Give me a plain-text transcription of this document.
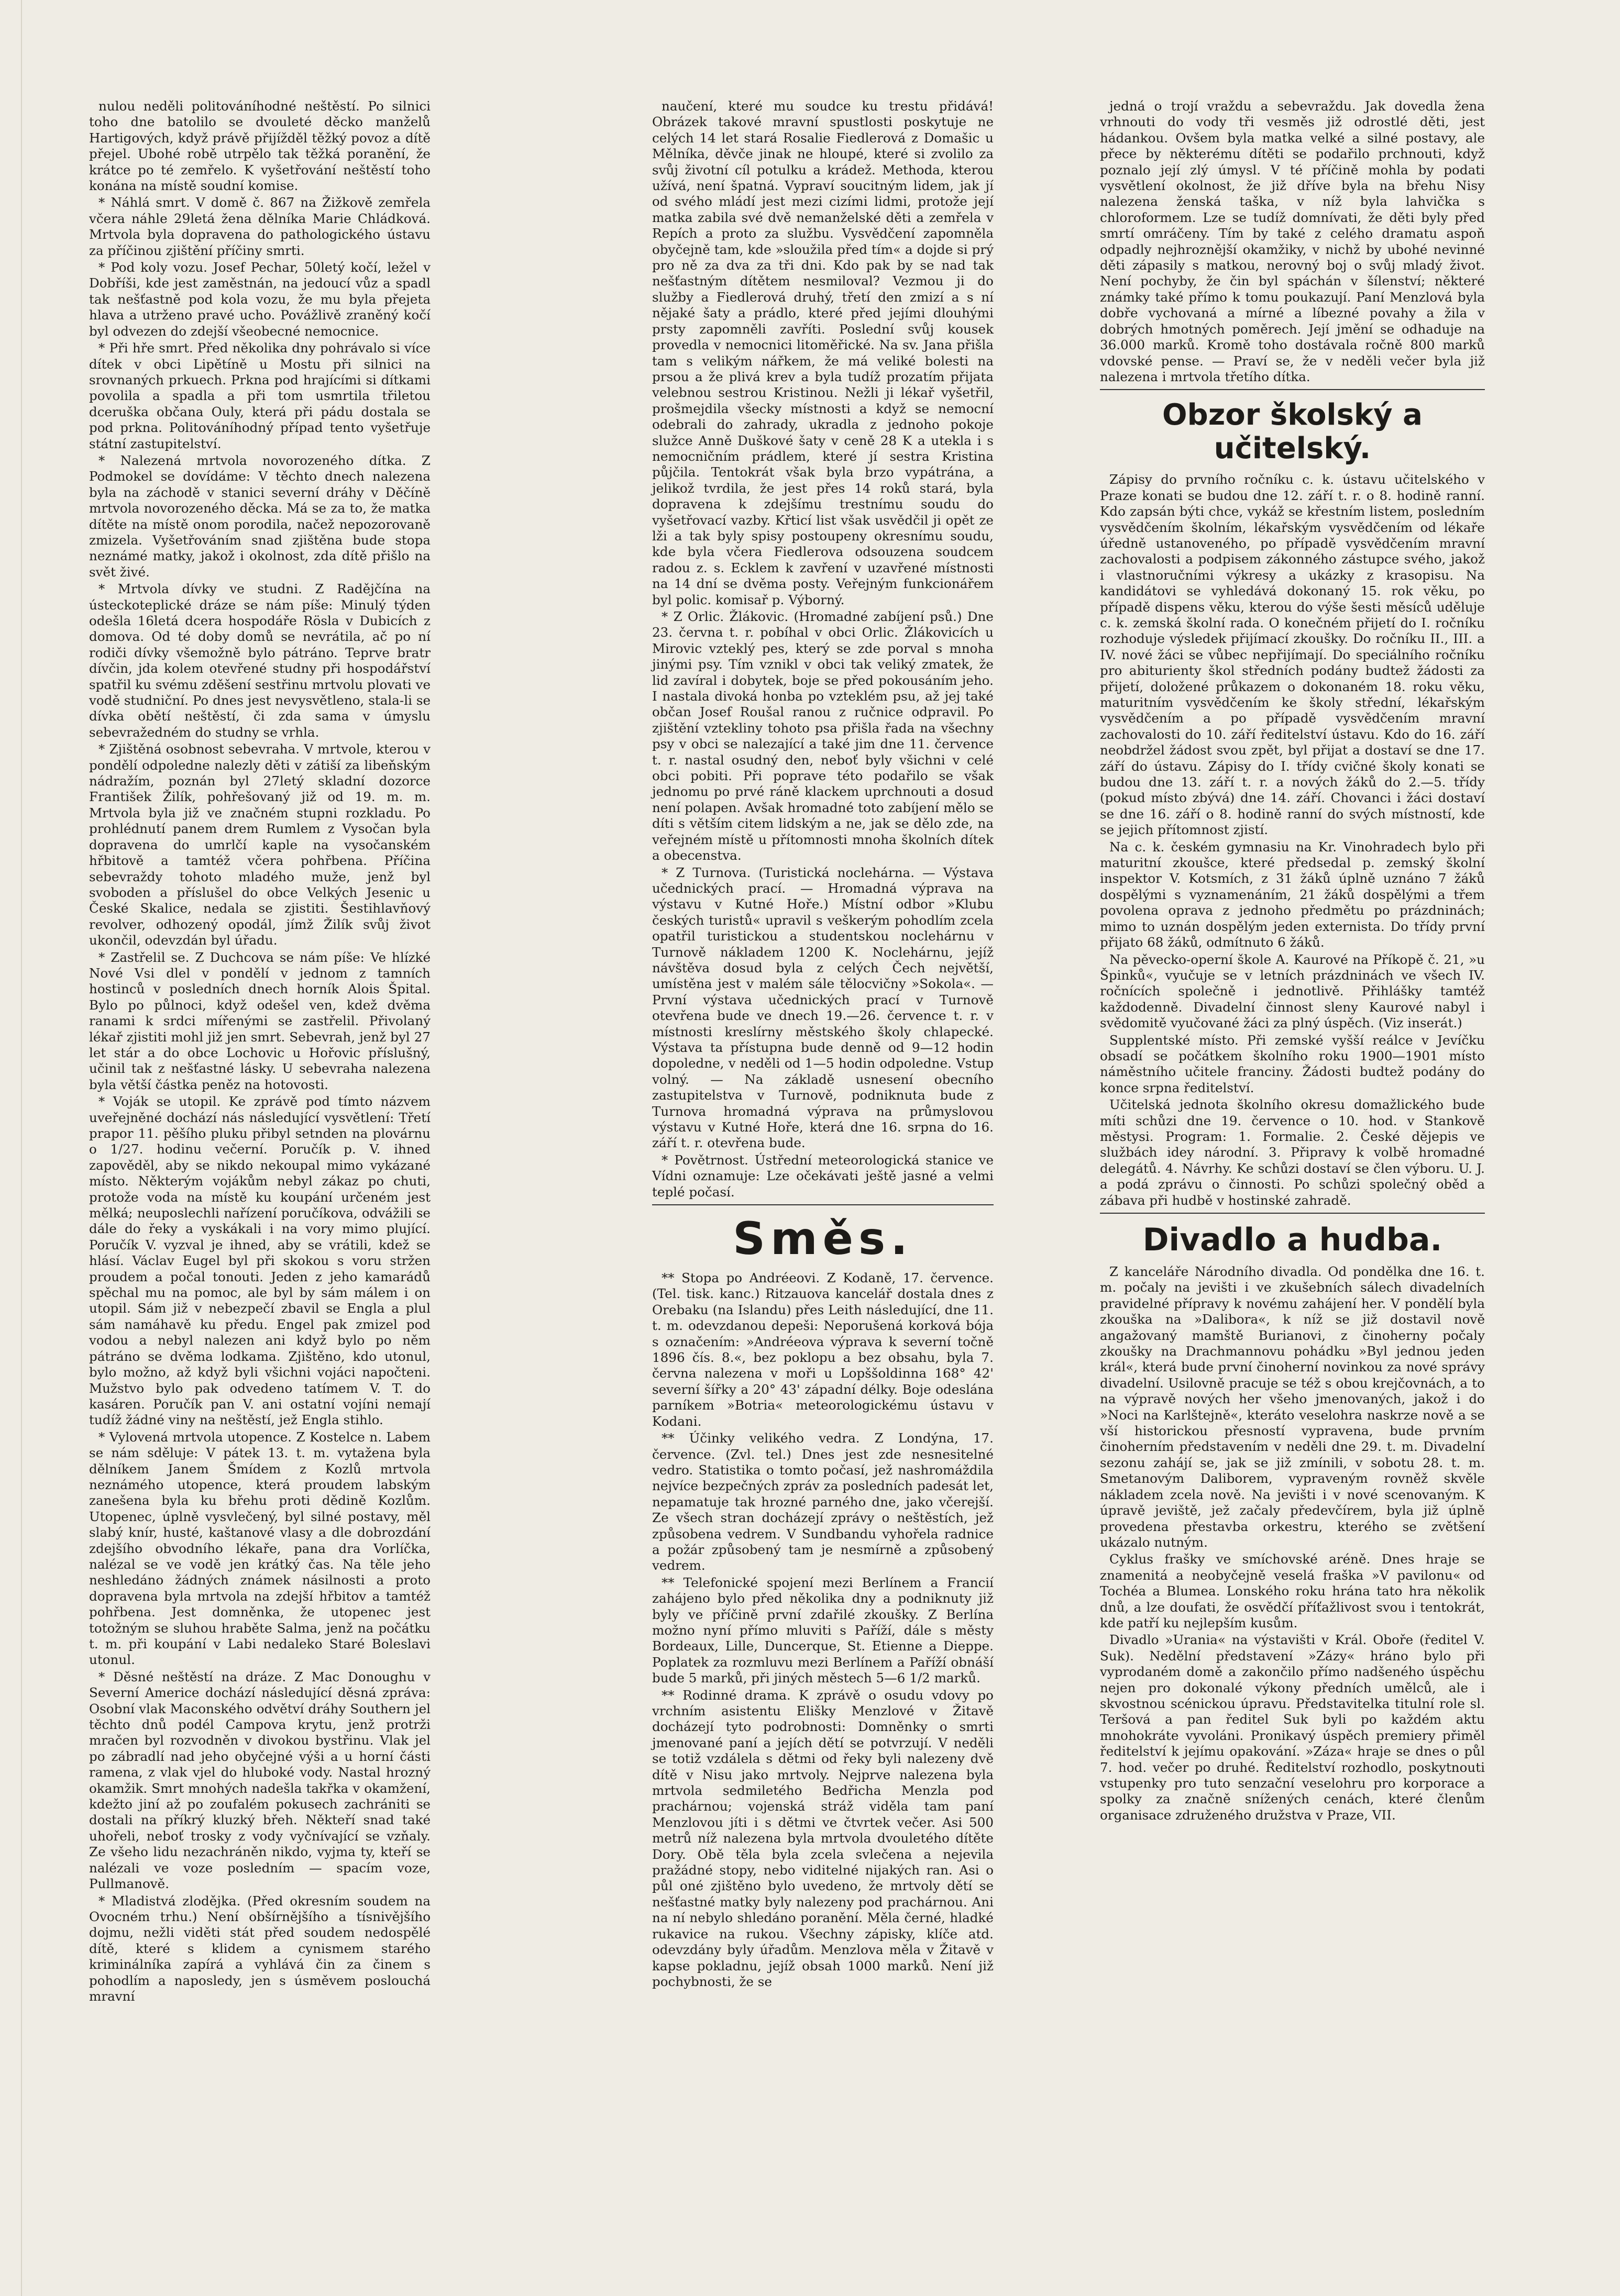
nulou neděli politováníhodné neštěstí. Po silnici toho dne batolilo se dvouleté děcko manželů Hartigových, když právě přijížděl těžký povoz a dítě přejel. Ubohé robě utrpělo tak těžká poranění, že krátce po té zemřelo. K vyšetřování neštěstí toho konána na místě soudní komise.

* Náhlá smrt. V domě č. 867 na Žižkově zemřela včera náhle 29letá žena dělníka Marie Chládková. Mrtvola byla dopravena do pathologického ústavu za příčinou zjištění příčiny smrti.

* Pod koly vozu. Josef Pechar, 50letý kočí, ležel v Dobříši, kde jest zaměstnán, na jedoucí vůz a spadl tak nešťastně pod kola vozu, že mu byla přejeta hlava a utrženo pravé ucho. Povážlivě zraněný kočí byl odvezen do zdejší všeobecné nemocnice.

* Při hře smrt. Před několika dny pohrávalo si více dítek v obci Lipětíně u Mostu při silnici na srovnaných prkuech. Prkna pod hrajícími si dítkami povolila a spadla a při tom usmrtila třiletou dceruška občana Ouly, která při pádu dostala se pod prkna. Politováníhodný případ tento vyšetřuje státní zastupitelství.

* Nalezená mrtvola novorozeného dítka. Z Podmokel se dovídáme: V těchto dnech nalezena byla na záchodě v stanici severní dráhy v Děčíně mrtvola novorozeného děcka. Má se za to, že matka dítěte na místě onom porodila, načež nepozorovaně zmizela. Vyšetřováním snad zjištěna bude stopa neznámé matky, jakož i okolnost, zda dítě přišlo na svět živé.

* Mrtvola dívky ve studni. Z Radějčína na ústeckoteplické dráze se nám píše: Minulý týden odešla 16letá dcera hospodáře Rösla v Dubicích z domova. Od té doby domů se nevrátila, ač po ní rodiči dívky všemožně bylo pátráno. Teprve bratr dívčin, jda kolem otevřené studny při hospodářství spatřil ku svému zděšení sestřinu mrtvolu plovati ve vodě studniční. Po dnes jest nevysvětleno, stala-li se dívka obětí neštěstí, či zda sama v úmyslu sebevražedném do studny se vrhla.

* Zjištěná osobnost sebevraha. V mrtvole, kterou v pondělí odpoledne nalezly děti v zátiší za libeňským nádražím, poznán byl 27letý skladní dozorce František Žilík, pohřešovaný již od 19. m. m. Mrtvola byla již ve značném stupni rozkladu. Po prohlédnutí panem drem Rumlem z Vysočan byla dopravena do umrlčí kaple na vysočanském hřbitově a tamtéž včera pohřbena. Příčina sebevraždy tohoto mladého muže, jenž byl svoboden a příslušel do obce Velkých Jesenic u České Skalice, nedala se zjistiti. Šestihlavňový revolver, odhozený opodál, jímž Žilík svůj život ukončil, odevzdán byl úřadu.

* Zastřelil se. Z Duchcova se nám píše: Ve hlízké Nové Vsi dlel v pondělí v jednom z tamních hostinců v posledních dnech horník Alois Špital. Bylo po půlnoci, když odešel ven, kdež dvěma ranami k srdci mířenými se zastřelil. Přivolaný lékař zjistiti mohl již jen smrt. Sebevrah, jenž byl 27 let stár a do obce Lochovic u Hořovic příslušný, učinil tak z nešťastné lásky. U sebevraha nalezena byla větší částka peněz na hotovosti.

* Voják se utopil. Ke zprávě pod tímto názvem uveřejněné dochází nás následující vysvětlení: Třetí prapor 11. pěšího pluku přibyl setnden na plovárnu o 1/27. hodinu večerní. Poručík p. V. ihned zapověděl, aby se nikdo nekoupal mimo vykázané místo. Některým vojákům nebyl zákaz po chuti, protože voda na místě ku koupání určeném jest mělká; neuposlechli nařízení poručíkova, odvážili se dále do řeky a vyskákali i na vory mimo plující. Poručík V. vyzval je ihned, aby se vrátili, kdež se hlásí. Václav Eugel byl při skokou s voru stržen proudem a počal tonouti. Jeden z jeho kamarádů spěchal mu na pomoc, ale byl by sám málem i on utopil. Sám již v nebezpečí zbavil se Engla a plul sám namáhavě ku předu. Engel pak zmizel pod vodou a nebyl nalezen ani když bylo po něm pátráno se dvěma lodkama. Zjištěno, kdo utonul, bylo možno, až když byli všichni vojáci napočteni. Mužstvo bylo pak odvedeno tatímem V. T. do kasáren. Poručík pan V. ani ostatní vojíni nemají tudíž žádné viny na neštěstí, jež Engla stihlo.

* Vylovená mrtvola utopence. Z Kostelce n. Labem se nám sděluje: V pátek 13. t. m. vytažena byla dělníkem Janem Šmídem z Kozlů mrtvola neznámého utopence, která proudem labským zanešena byla ku břehu proti dědině Kozlům. Utopenec, úplně vysvlečený, byl silné postavy, měl slabý knír, husté, kaštanové vlasy a dle dobrozdání zdejšího obvodního lékaře, pana dra Vorlíčka, nalézal se ve vodě jen krátký čas. Na těle jeho neshledáno žádných známek násilnosti a proto dopravena byla mrtvola na zdejší hřbitov a tamtéž pohřbena. Jest domněnka, že utopenec jest totožným se sluhou hraběte Salma, jenž na počátku t. m. při koupání v Labi nedaleko Staré Boleslavi utonul.

* Děsné neštěstí na dráze. Z Mac Donoughu v Severní Americe dochází následující děsná zpráva: Osobní vlak Maconského odvětví dráhy Southern jel těchto dnů podél Campova krytu, jenž protrži mračen byl rozvodněn v divokou bystřinu. Vlak jel po zábradlí nad jeho obyčejné výši a u horní části ramena, z vlak vjel do hluboké vody. Nastal hrozný okamžik. Smrt mnohých nadešla takřka v okamžení, kdežto jiní až po zoufalém pokusech zachrániti se dostali na příkrý kluzký břeh. Někteří snad také uhořeli, neboť trosky z vody vyčnívající se vzňaly. Ze všeho lidu nezachráněn nikdo, vyjma ty, kteří se nalézali ve voze posledním — spacím voze, Pullmanově.

* Mladistvá zlodějka. (Před okresním soudem na Ovocném trhu.) Není obšírnějšího a tísnivějšího dojmu, nežli viděti stát před soudem nedospělé dítě, které s klidem a cynismem starého kriminálníka zapírá a vyhlává čin za činem s pohodlím a naposledy, jen s úsměvem poslouchá mravní

naučení, které mu soudce ku trestu přidává! Obrázek takové mravní spustlosti poskytuje ne celých 14 let stará Rosalie Fiedlerová z Domašic u Mělníka, děvče jinak ne hloupé, které si zvolilo za svůj životní cíl potulku a krádež. Methoda, kterou užívá, není špatná. Vypraví soucitným lidem, jak jí od svého mládí jest mezi cizími lidmi, protože její matka zabila své dvě nemanželské děti a zemřela v Repích a proto za službu. Vysvědčení zapomněla obyčejně tam, kde »sloužila před tím« a dojde si prý pro ně za dva za tři dni. Kdo pak by se nad tak nešťastným dítětem nesmiloval? Vezmou ji do služby a Fiedlerová druhý, třetí den zmizí a s ní nějaké šaty a prádlo, které před jejími dlouhými prsty zapomněli zavříti. Poslední svůj kousek provedla v nemocnici litoměřické. Na sv. Jana přišla tam s velikým nářkem, že má veliké bolesti na prsou a že plivá krev a byla tudíž prozatím přijata velebnou sestrou Kristinou. Nežli ji lékař vyšetřil, prošmejdila všecky místnosti a když se nemocní odebrali do zahrady, ukradla z jednoho pokoje služce Anně Duškové šaty v ceně 28 K a utekla i s nemocničním prádlem, které jí sestra Kristina půjčila. Tentokrát však byla brzo vypátrána, a jelikož tvrdila, že jest přes 14 roků stará, byla dopravena k zdejšímu trestnímu soudu do vyšetřovací vazby. Křticí list však usvědčil ji opět ze lži a tak byly spisy postoupeny okresnímu soudu, kde byla včera Fiedlerova odsouzena soudcem radou z. s. Ecklem k zavření v uzavřené místnosti na 14 dní se dvěma posty. Veřejným funkcionářem byl polic. komisař p. Výborný.

* Z Orlic. Žlákovic. (Hromadné zabíjení psů.) Dne 23. června t. r. pobíhal v obci Orlic. Žlákovicích u Mirovic vzteklý pes, který se zde porval s mnoha jinými psy. Tím vznikl v obci tak veliký zmatek, že lid zavíral i dobytek, boje se před pokousáním jeho. I nastala divoká honba po vzteklém psu, až jej také občan Josef Roušal ranou z ručnice odpravil. Po zjištění vztekliny tohoto psa přišla řada na všechny psy v obci se nalezající a také jim dne 11. července t. r. nastal osudný den, neboť byly všichni v celé obci pobiti. Při poprave této podařilo se však jednomu po prvé ráně klackem uprchnouti a dosud není polapen. Avšak hromadné toto zabíjení mělo se díti s větším citem lidským a ne, jak se dělo zde, na veřejném místě u přítomnosti mnoha školních dítek a obecenstva.

* Z Turnova. (Turistická noclehárna. — Výstava učednických prací. — Hromadná výprava na výstavu v Kutné Hoře.) Místní odbor »Klubu českých turistů« upravil s veškerým pohodlím zcela opatřil turistickou a studentskou noclehárnu v Turnově nákladem 1200 K. Noclehárnu, jejíž návštěva dosud byla z celých Čech největší, umístěna jest v malém sále tělocvičny »Sokola«. — První výstava učednických prací v Turnově otevřena bude ve dnech 19.—26. července t. r. v místnosti kreslírny městského školy chlapecké. Výstava ta přístupna bude denně od 9—12 hodin dopoledne, v neděli od 1—5 hodin odpoledne. Vstup volný. — Na základě usnesení obecního zastupitelstva v Turnově, podniknuta bude z Turnova hromadná výprava na průmyslovou výstavu v Kutné Hoře, která dne 16. srpna do 16. září t. r. otevřena bude.

* Povětrnost. Ústřední meteorologická stanice ve Vídni oznamuje: Lze očekávati ještě jasné a velmi teplé počasí.

Směs.

** Stopa po Andréeovi. Z Kodaně, 17. července. (Tel. tisk. kanc.) Ritzauova kancelář dostala dnes z Orebaku (na Islandu) přes Leith následující, dne 11. t. m. odevzdanou depeši: Neporušená korková bója s označením: »Andréeova výprava k severní točně 1896 čís. 8.«, bez poklopu a bez obsahu, byla 7. června nalezena v moři u Lopššoldinna 168° 42' severní šířky a 20° 43' západní délky. Boje odeslána parníkem »Botria« meteorologickému ústavu v Kodani.

** Účinky velikého vedra. Z Londýna, 17. července. (Zvl. tel.) Dnes jest zde nesnesitelné vedro. Statistika o tomto počasí, jež nashromáždila nejvíce bezpečných zpráv za posledních padesát let, nepamatuje tak hrozné parného dne, jako včerejší. Ze všech stran docházejí zprávy o neštěstích, jež způsobena vedrem. V Sundbandu vyhořela radnice a požár způsobený tam je nesmírně a způsobený vedrem.

** Telefonické spojení mezi Berlínem a Francií zahájeno bylo před několika dny a podniknuty již byly ve příčině první zdařilé zkoušky. Z Berlína možno nyní přímo mluviti s Paříží, dále s městy Bordeaux, Lille, Duncerque, St. Etienne a Dieppe. Poplatek za rozmluvu mezi Berlínem a Paříží obnáší bude 5 marků, při jiných městech 5—6 1/2 marků.

** Rodinné drama. K zprávě o osudu vdovy po vrchním asistentu Elišky Menzlové v Žitavě docházejí tyto podrobnosti: Domněnky o smrti jmenované paní a jejích dětí se potvrzují. V neděli se totiž vzdálela s dětmi od řeky byli nalezeny dvě dítě v Nisu jako mrtvoly. Nejprve nalezena byla mrtvola sedmiletého Bedřicha Menzla pod prachárnou; vojenská stráž viděla tam paní Menzlovou jíti i s dětmi ve čtvrtek večer. Asi 500 metrů níž nalezena byla mrtvola dvouletého dítěte Dory. Obě těla byla zcela svlečena a nejevila pražádné stopy, nebo viditelné nijakých ran. Asi o půl oné zjištěno bylo uvedeno, že mrtvoly dětí se nešťastné matky byly nalezeny pod prachárnou. Ani na ní nebylo shledáno poranění. Měla černé, hladké rukavice na rukou. Všechny zápisky, klíče atd. odevzdány byly úřadům. Menzlova měla v Žitavě v kapse pokladnu, jejíž obsah 1000 marků. Není již pochybnosti, že se

jedná o trojí vraždu a sebevraždu. Jak dovedla žena vrhnouti do vody tři vesměs již odrostlé děti, jest hádankou. Ovšem byla matka velké a silné postavy, ale přece by některému dítěti se podařilo prchnouti, když poznalo její zlý úmysl. V té příčině mohla by podati vysvětlení okolnost, že již dříve byla na břehu Nisy nalezena ženská taška, v níž byla lahvička s chloroformem. Lze se tudíž domnívati, že děti byly před smrtí omráčeny. Tím by také z celého dramatu aspoň odpadly nejhroznější okamžiky, v nichž by ubohé nevinné děti zápasily s matkou, nerovný boj o svůj mladý život. Není pochyby, že čin byl spáchán v šílenství; některé známky také přímo k tomu poukazují. Paní Menzlová byla dobře vychovaná a mírné a líbezné povahy a žila v dobrých hmotných poměrech. Její jmění se odhaduje na 36.000 marků. Kromě toho dostávala ročně 800 marků vdovské pense. — Praví se, že v neděli večer byla již nalezena i mrtvola třetího dítka.

Obzor školský a učitelský.

Zápisy do prvního ročníku c. k. ústavu učitelského v Praze konati se budou dne 12. září t. r. o 8. hodině ranní. Kdo zapsán býti chce, vykáž se křestním listem, posledním vysvědčením školním, lékařským vysvědčením od lékaře úředně ustanoveného, po případě vysvědčením mravní zachovalosti a podpisem zákonného zástupce svého, jakož i vlastnoručními výkresy a ukázky z krasopisu. Na kandidátovi se vyhledává dokonaný 15. rok věku, po případě dispens věku, kterou do výše šesti měsíců uděluje c. k. zemská školní rada. O konečném přijetí do I. ročníku rozhoduje výsledek přijímací zkoušky. Do ročníku II., III. a IV. nové žáci se vůbec nepřijímají. Do speciálního ročníku pro abiturienty škol středních podány budtež žádosti za přijetí, doložené průkazem o dokonaném 18. roku věku, maturitním vysvědčením ke školy střední, lékařským vysvědčením a po případě vysvědčením mravní zachovalosti do 10. září ředitelství ústavu. Kdo do 16. září neobdržel žádost svou zpět, byl přijat a dostaví se dne 17. září do ústavu. Zápisy do I. třídy cvičné školy konati se budou dne 13. září t. r. a nových žáků do 2.—5. třídy (pokud místo zbývá) dne 14. září. Chovanci i žáci dostaví se dne 16. září o 8. hodině ranní do svých místností, kde se jejich přítomnost zjistí.

Na c. k. českém gymnasiu na Kr. Vinohradech bylo při maturitní zkoušce, které předsedal p. zemský školní inspektor V. Kotsmích, z 31 žáků úplně uznáno 7 žáků dospělými s vyznamenáním, 21 žáků dospělými a třem povolena oprava z jednoho předmětu po prázdninách; mimo to uznán dospělým jeden externista. Do třídy první přijato 68 žáků, odmítnuto 6 žáků.

Na pěvecko-operní škole A. Kaurové na Příkopě č. 21, »u Špinků«, vyučuje se v letních prázdninách ve všech IV. ročnících společně i jednotlivě. Přihlášky tamtéž každodenně. Divadelní činnost sleny Kaurové nabyl i svědomitě vyučované žáci za plný úspěch. (Viz inserát.)

Supplentské místo. Při zemské vyšší reálce v Jevíčku obsadí se počátkem školního roku 1900—1901 místo náměstního učitele franciny. Žádosti budtež podány do konce srpna ředitelství.

Učitelská jednota školního okresu domažlického bude míti schůzi dne 19. července o 10. hod. v Stankově městysi. Program: 1. Formalie. 2. České dějepis ve službách idey národní. 3. Připravy k volbě hromadné delegátů. 4. Návrhy. Ke schůzi dostaví se člen výboru. U. J. a podá zprávu o činnosti. Po schůzi společný oběd a zábava při hudbě v hostinské zahradě.

Divadlo a hudba.

Z kanceláře Národního divadla. Od pondělka dne 16. t. m. počaly na jevišti i ve zkušebních sálech divadelních pravidelné přípravy k novému zahájení her. V pondělí byla zkouška na »Dalibora«, k níž se již dostavil nově angažovaný mamště Burianovi, z činoherny počaly zkoušky na Drachmannovu pohádku »Byl jednou jeden král«, která bude první činoherní novinkou za nové správy divadelní. Usilovně pracuje se též s obou krejčovnách, a to na výpravě nových her všeho jmenovaných, jakož i do »Noci na Karlštejně«, kteráto veselohra naskrze nově a se vší historickou přesností vypravena, bude prvním činoherním představením v neděli dne 29. t. m. Divadelní sezonu zahájí se, jak se již zmínili, v sobotu 28. t. m. Smetanovým Daliborem, vypraveným rovněž skvěle nákladem zcela nově. Na jevišti i v nové scenovaným. K úpravě jeviště, jež začaly předevčírem, byla již úplně provedena přestavba orkestru, kterého se zvětšení ukázalo nutným.

Cyklus frašky ve smíchovské aréně. Dnes hraje se znamenitá a neobyčejně veselá fraška »V pavilonu« od Tochéa a Blumea. Lonského roku hrána tato hra několik dnů, a lze doufati, že osvědčí příťažlivost svou i tentokrát, kde patří ku nejlepším kusům.

Divadlo »Urania« na výstavišti v Král. Oboře (ředitel V. Suk). Nedělní představení »Zázy« hráno bylo při vyprodaném domě a zakončilo přímo nadšeného úspěchu nejen pro dokonalé výkony předních umělců, ale i skvostnou scénickou úpravu. Představitelka titulní role sl. Teršová a pan ředitel Suk byli po každém aktu mnohokráte vyvoláni. Pronikavý úspěch premiery přiměl ředitelství k jejímu opakování. »Záza« hraje se dnes o půl 7. hod. večer po druhé. Ředitelství rozhodlo, poskytnouti vstupenky pro tuto senzační veselohru pro korporace a spolky za značně snížených cenách, které členům organisace združeného družstva v Praze, VII.
